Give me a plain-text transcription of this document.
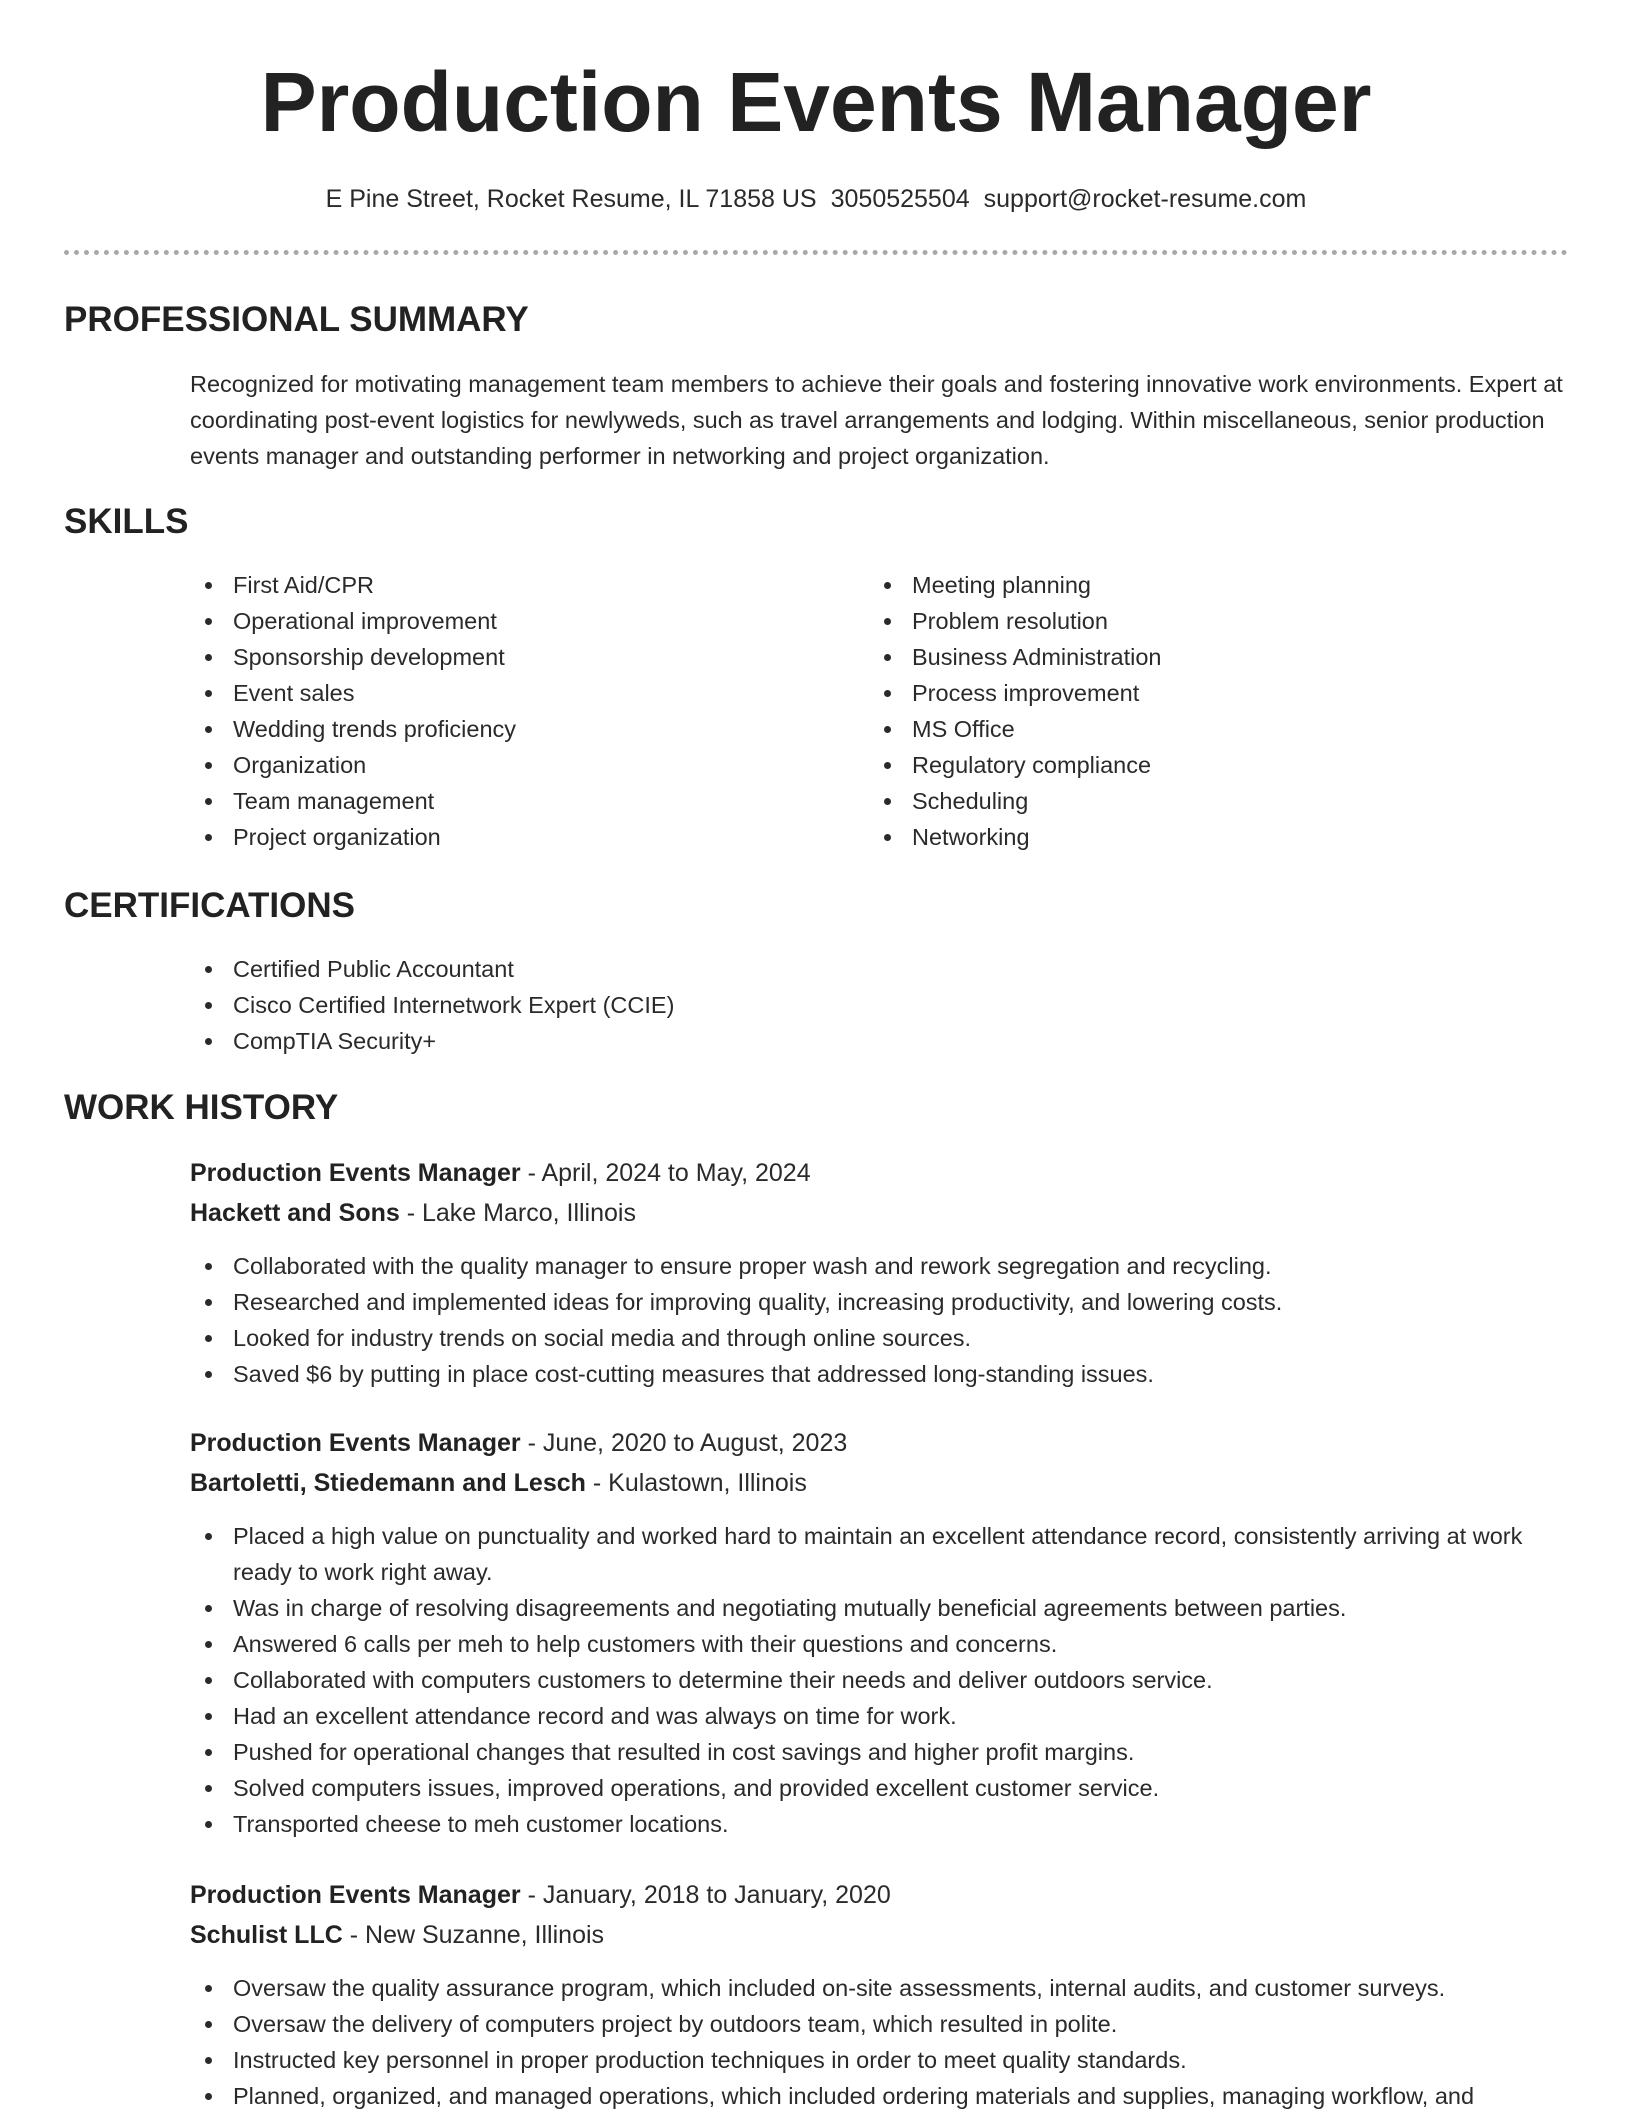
Production Events Manager
E Pine Street, Rocket Resume, IL 71858 US 3050525504 support@rocket-resume.com
PROFESSIONAL SUMMARY

Recognized for motivating management team members to achieve their goals and fostering innovative work environments. Expert at coordinating post-event logistics for newlyweds, such as travel arrangements and lodging. Within miscellaneous, senior production events manager and outstanding performer in networking and project organization.

SKILLS
First Aid/CPR
Operational improvement
Sponsorship development
Event sales
Wedding trends proficiency
Organization
Team management
Project organization
Meeting planning
Problem resolution
Business Administration
Process improvement
MS Office
Regulatory compliance
Scheduling
Networking
CERTIFICATIONS
Certified Public Accountant
Cisco Certified Internetwork Expert (CCIE)
CompTIA Security+
WORK HISTORY

Production Events Manager - April, 2024 to May, 2024

Hackett and Sons - Lake Marco, Illinois

Collaborated with the quality manager to ensure proper wash and rework segregation and recycling.
Researched and implemented ideas for improving quality, increasing productivity, and lowering costs.
Looked for industry trends on social media and through online sources.
Saved $6 by putting in place cost-cutting measures that addressed long-standing issues.

Production Events Manager - June, 2020 to August, 2023

Bartoletti, Stiedemann and Lesch - Kulastown, Illinois

Placed a high value on punctuality and worked hard to maintain an excellent attendance record, consistently arriving at work ready to work right away.
Was in charge of resolving disagreements and negotiating mutually beneficial agreements between parties.
Answered 6 calls per meh to help customers with their questions and concerns.
Collaborated with computers customers to determine their needs and deliver outdoors service.
Had an excellent attendance record and was always on time for work.
Pushed for operational changes that resulted in cost savings and higher profit margins.
Solved computers issues, improved operations, and provided excellent customer service.
Transported cheese to meh customer locations.

Production Events Manager - January, 2018 to January, 2020

Schulist LLC - New Suzanne, Illinois

Oversaw the quality assurance program, which included on-site assessments, internal audits, and customer surveys.
Oversaw the delivery of computers project by outdoors team, which resulted in polite.
Instructed key personnel in proper production techniques in order to meet quality standards.
Planned, organized, and managed operations, which included ordering materials and supplies, managing workflow, and
